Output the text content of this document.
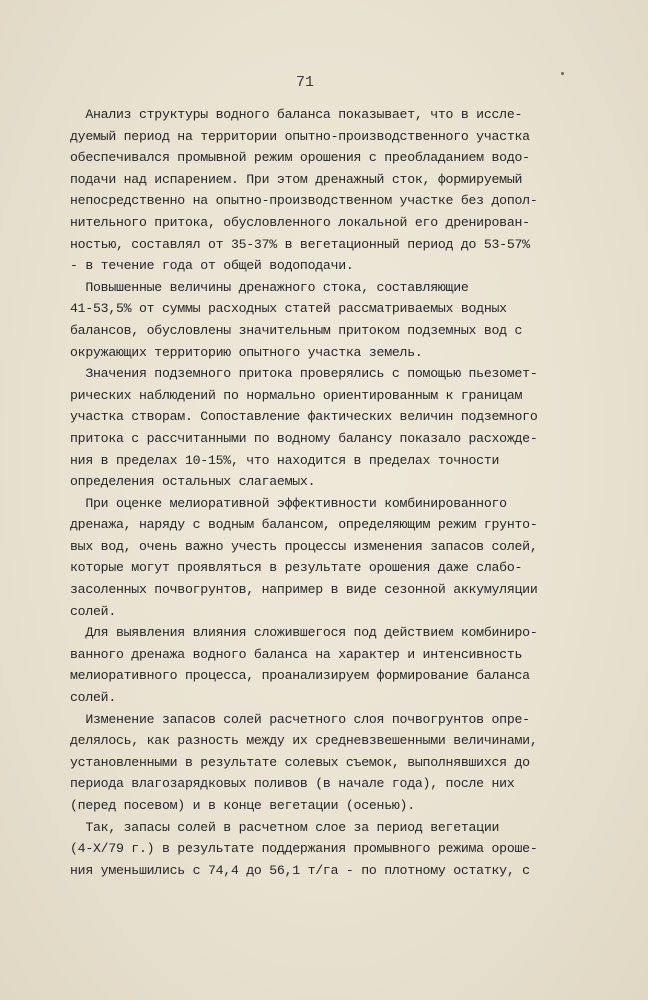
71
Анализ структуры водного баланса показывает, что в иссле-
дуемый период на территории опытно-производственного участка
обеспечивался промывной режим орошения с преобладанием водо-
подачи над испарением. При этом дренажный сток, формируемый
непосредственно на опытно-производственном участке без допол-
нительного притока, обусловленного локальной его дренирован-
ностью, составлял от 35-37% в вегетационный период до 53-57%
- в течение года от общей водоподачи.
Повышенные величины дренажного стока, составляющие
41-53,5% от суммы расходных статей рассматриваемых водных
балансов, обусловлены значительным притоком подземных вод с
окружающих территорию опытного участка земель.
Значения подземного притока проверялись с помощью пьезомет-
рических наблюдений по нормально ориентированным к границам
участка створам. Сопоставление фактических величин подземного
притока с рассчитанными по водному балансу показало расхожде-
ния в пределах 10-15%, что находится в пределах точности
определения остальных слагаемых.
При оценке мелиоративной эффективности комбинированного
дренажа, наряду с водным балансом, определяющим режим грунто-
вых вод, очень важно учесть процессы изменения запасов солей,
которые могут проявляться в результате орошения даже слабо-
засоленных почвогрунтов, например в виде сезонной аккумуляции
солей.
Для выявления влияния сложившегося под действием комбиниро-
ванного дренажа водного баланса на характер и интенсивность
мелиоративного процесса, проанализируем формирование баланса
солей.
Изменение запасов солей расчетного слоя почвогрунтов опре-
делялось, как разность между их средневзвешенными величинами,
установленными в результате солевых съемок, выполнявшихся до
периода влагозарядковых поливов (в начале года), после них
(перед посевом) и в конце вегетации (осенью).
Так, запасы солей в расчетном слое за период вегетации
(4-X/79 г.) в результате поддержания промывного режима ороше-
ния уменьшились с 74,4 до 56,1 т/га - по плотному остатку, с
